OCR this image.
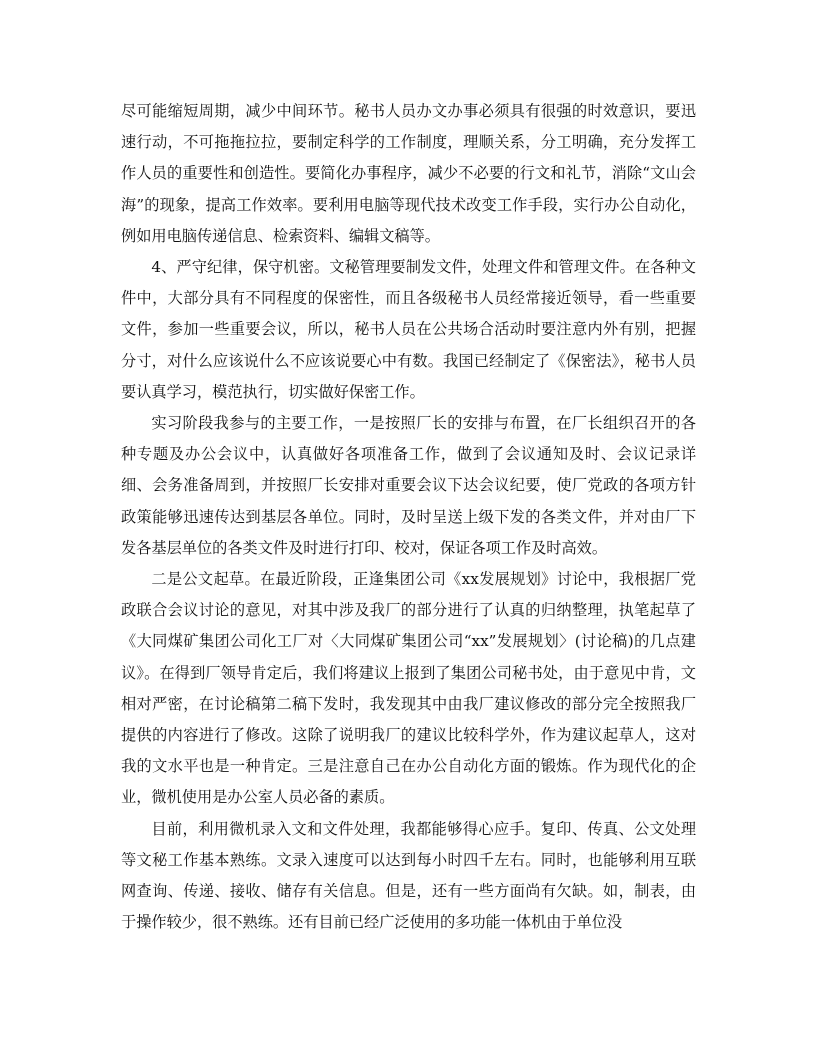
尽可能缩短周期，减少中间环节。秘书人员办文办事必须具有很强的时效意识，要迅速行动，不可拖拖拉拉，要制定科学的工作制度，理顺关系，分工明确，充分发挥工作人员的重要性和创造性。要简化办事程序，减少不必要的行文和礼节，消除“文山会海”的现象，提高工作效率。要利用电脑等现代技术改变工作手段，实行办公自动化，例如用电脑传递信息、检索资料、编辑文稿等。

4、严守纪律，保守机密。文秘管理要制发文件，处理文件和管理文件。在各种文件中，大部分具有不同程度的保密性，而且各级秘书人员经常接近领导，看一些重要文件，参加一些重要会议，所以，秘书人员在公共场合活动时要注意内外有别，把握分寸，对什么应该说什么不应该说要心中有数。我国已经制定了《保密法》，秘书人员要认真学习，模范执行，切实做好保密工作。

实习阶段我参与的主要工作，一是按照厂长的安排与布置，在厂长组织召开的各种专题及办公会议中，认真做好各项准备工作，做到了会议通知及时、会议记录详细、会务准备周到，并按照厂长安排对重要会议下达会议纪要，使厂党政的各项方针政策能够迅速传达到基层各单位。同时，及时呈送上级下发的各类文件，并对由厂下发各基层单位的各类文件及时进行打印、校对，保证各项工作及时高效。

二是公文起草。在最近阶段，正逢集团公司《xx发展规划》讨论中，我根据厂党政联合会议讨论的意见，对其中涉及我厂的部分进行了认真的归纳整理，执笔起草了《大同煤矿集团公司化工厂对〈大同煤矿集团公司“xx”发展规划〉(讨论稿)的几点建议》。在得到厂领导肯定后，我们将建议上报到了集团公司秘书处，由于意见中肯，文相对严密，在讨论稿第二稿下发时，我发现其中由我厂建议修改的部分完全按照我厂提供的内容进行了修改。这除了说明我厂的建议比较科学外，作为建议起草人，这对我的文水平也是一种肯定。三是注意自己在办公自动化方面的锻炼。作为现代化的企业，微机使用是办公室人员必备的素质。

目前，利用微机录入文和文件处理，我都能够得心应手。复印、传真、公文处理等文秘工作基本熟练。文录入速度可以达到每小时四千左右。同时，也能够利用互联网查询、传递、接收、储存有关信息。但是，还有一些方面尚有欠缺。如，制表，由于操作较少，很不熟练。还有目前已经广泛使用的多功能一体机由于单位没
